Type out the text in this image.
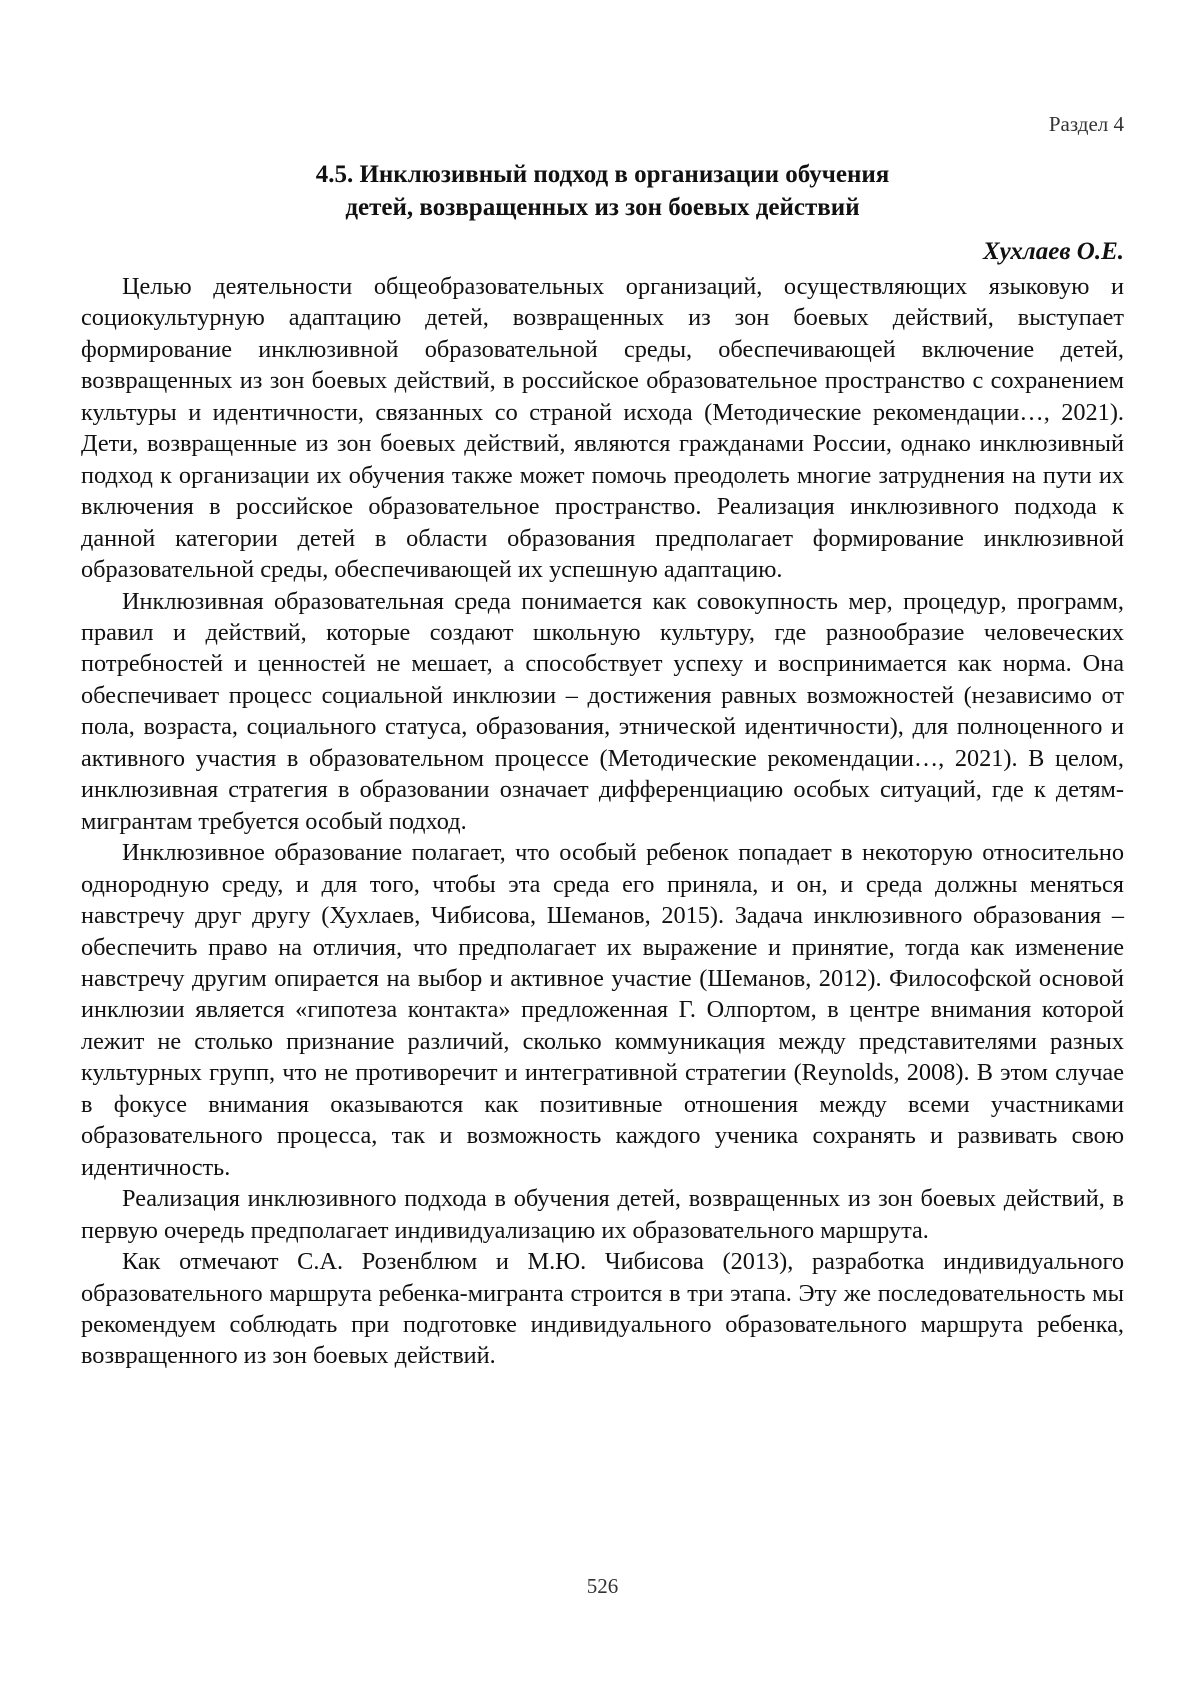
Раздел 4
4.5. Инклюзивный подход в организации обучения
детей, возвращенных из зон боевых действий
Хухлаев О.Е.

Целью деятельности общеобразовательных организаций, осуществляющих языковую и социокультурную адаптацию детей, возвращенных из зон боевых действий, выступает формирование инклюзивной образовательной среды, обеспечивающей включение детей, возвращенных из зон боевых действий, в российское образовательное пространство с сохранением культуры и идентичности, связанных со страной исхода (Методические рекомендации…, 2021). Дети, возвращенные из зон боевых действий, являются гражданами России, однако инклюзивный подход к организации их обучения также может помочь преодолеть многие затруднения на пути их включения в российское образовательное пространство. Реализация инклюзивного подхода к данной категории детей в области образования предполагает формирование инклюзивной образовательной среды, обеспечивающей их успешную адаптацию.

Инклюзивная образовательная среда понимается как совокупность мер, процедур, программ, правил и действий, которые создают школьную культуру, где разнообразие человеческих потребностей и ценностей не мешает, а способствует успеху и воспринимается как норма. Она обеспечивает процесс социальной инклюзии – достижения равных возможностей (независимо от пола, возраста, социального статуса, образования, этнической идентичности), для полноценного и активного участия в образовательном процессе (Методические рекомендации…, 2021). В целом, инклюзивная стратегия в образовании означает дифференциацию особых ситуаций, где к детям-мигрантам требуется особый подход.

Инклюзивное образование полагает, что особый ребенок попадает в некоторую относительно однородную среду, и для того, чтобы эта среда его приняла, и он, и среда должны меняться навстречу друг другу (Хухлаев, Чибисова, Шеманов, 2015). Задача инклюзивного образования – обеспечить право на отличия, что предполагает их выражение и принятие, тогда как изменение навстречу другим опирается на выбор и активное участие (Шеманов, 2012). Философской основой инклюзии является «гипотеза контакта» предложенная Г. Олпортом, в центре внимания которой лежит не столько признание различий, сколько коммуникация между представителями разных культурных групп, что не противоречит и интегративной стратегии (Reynolds, 2008). В этом случае в фокусе внимания оказываются как позитивные отношения между всеми участниками образовательного процесса, так и возможность каждого ученика сохранять и развивать свою идентичность.

Реализация инклюзивного подхода в обучения детей, возвращенных из зон боевых действий, в первую очередь предполагает индивидуализацию их образовательного маршрута.

Как отмечают С.А. Розенблюм и М.Ю. Чибисова (2013), разработка индивидуального образовательного маршрута ребенка-мигранта строится в три этапа. Эту же последовательность мы рекомендуем соблюдать при подготовке индивидуального образовательного маршрута ребенка, возвращенного из зон боевых действий.

526
